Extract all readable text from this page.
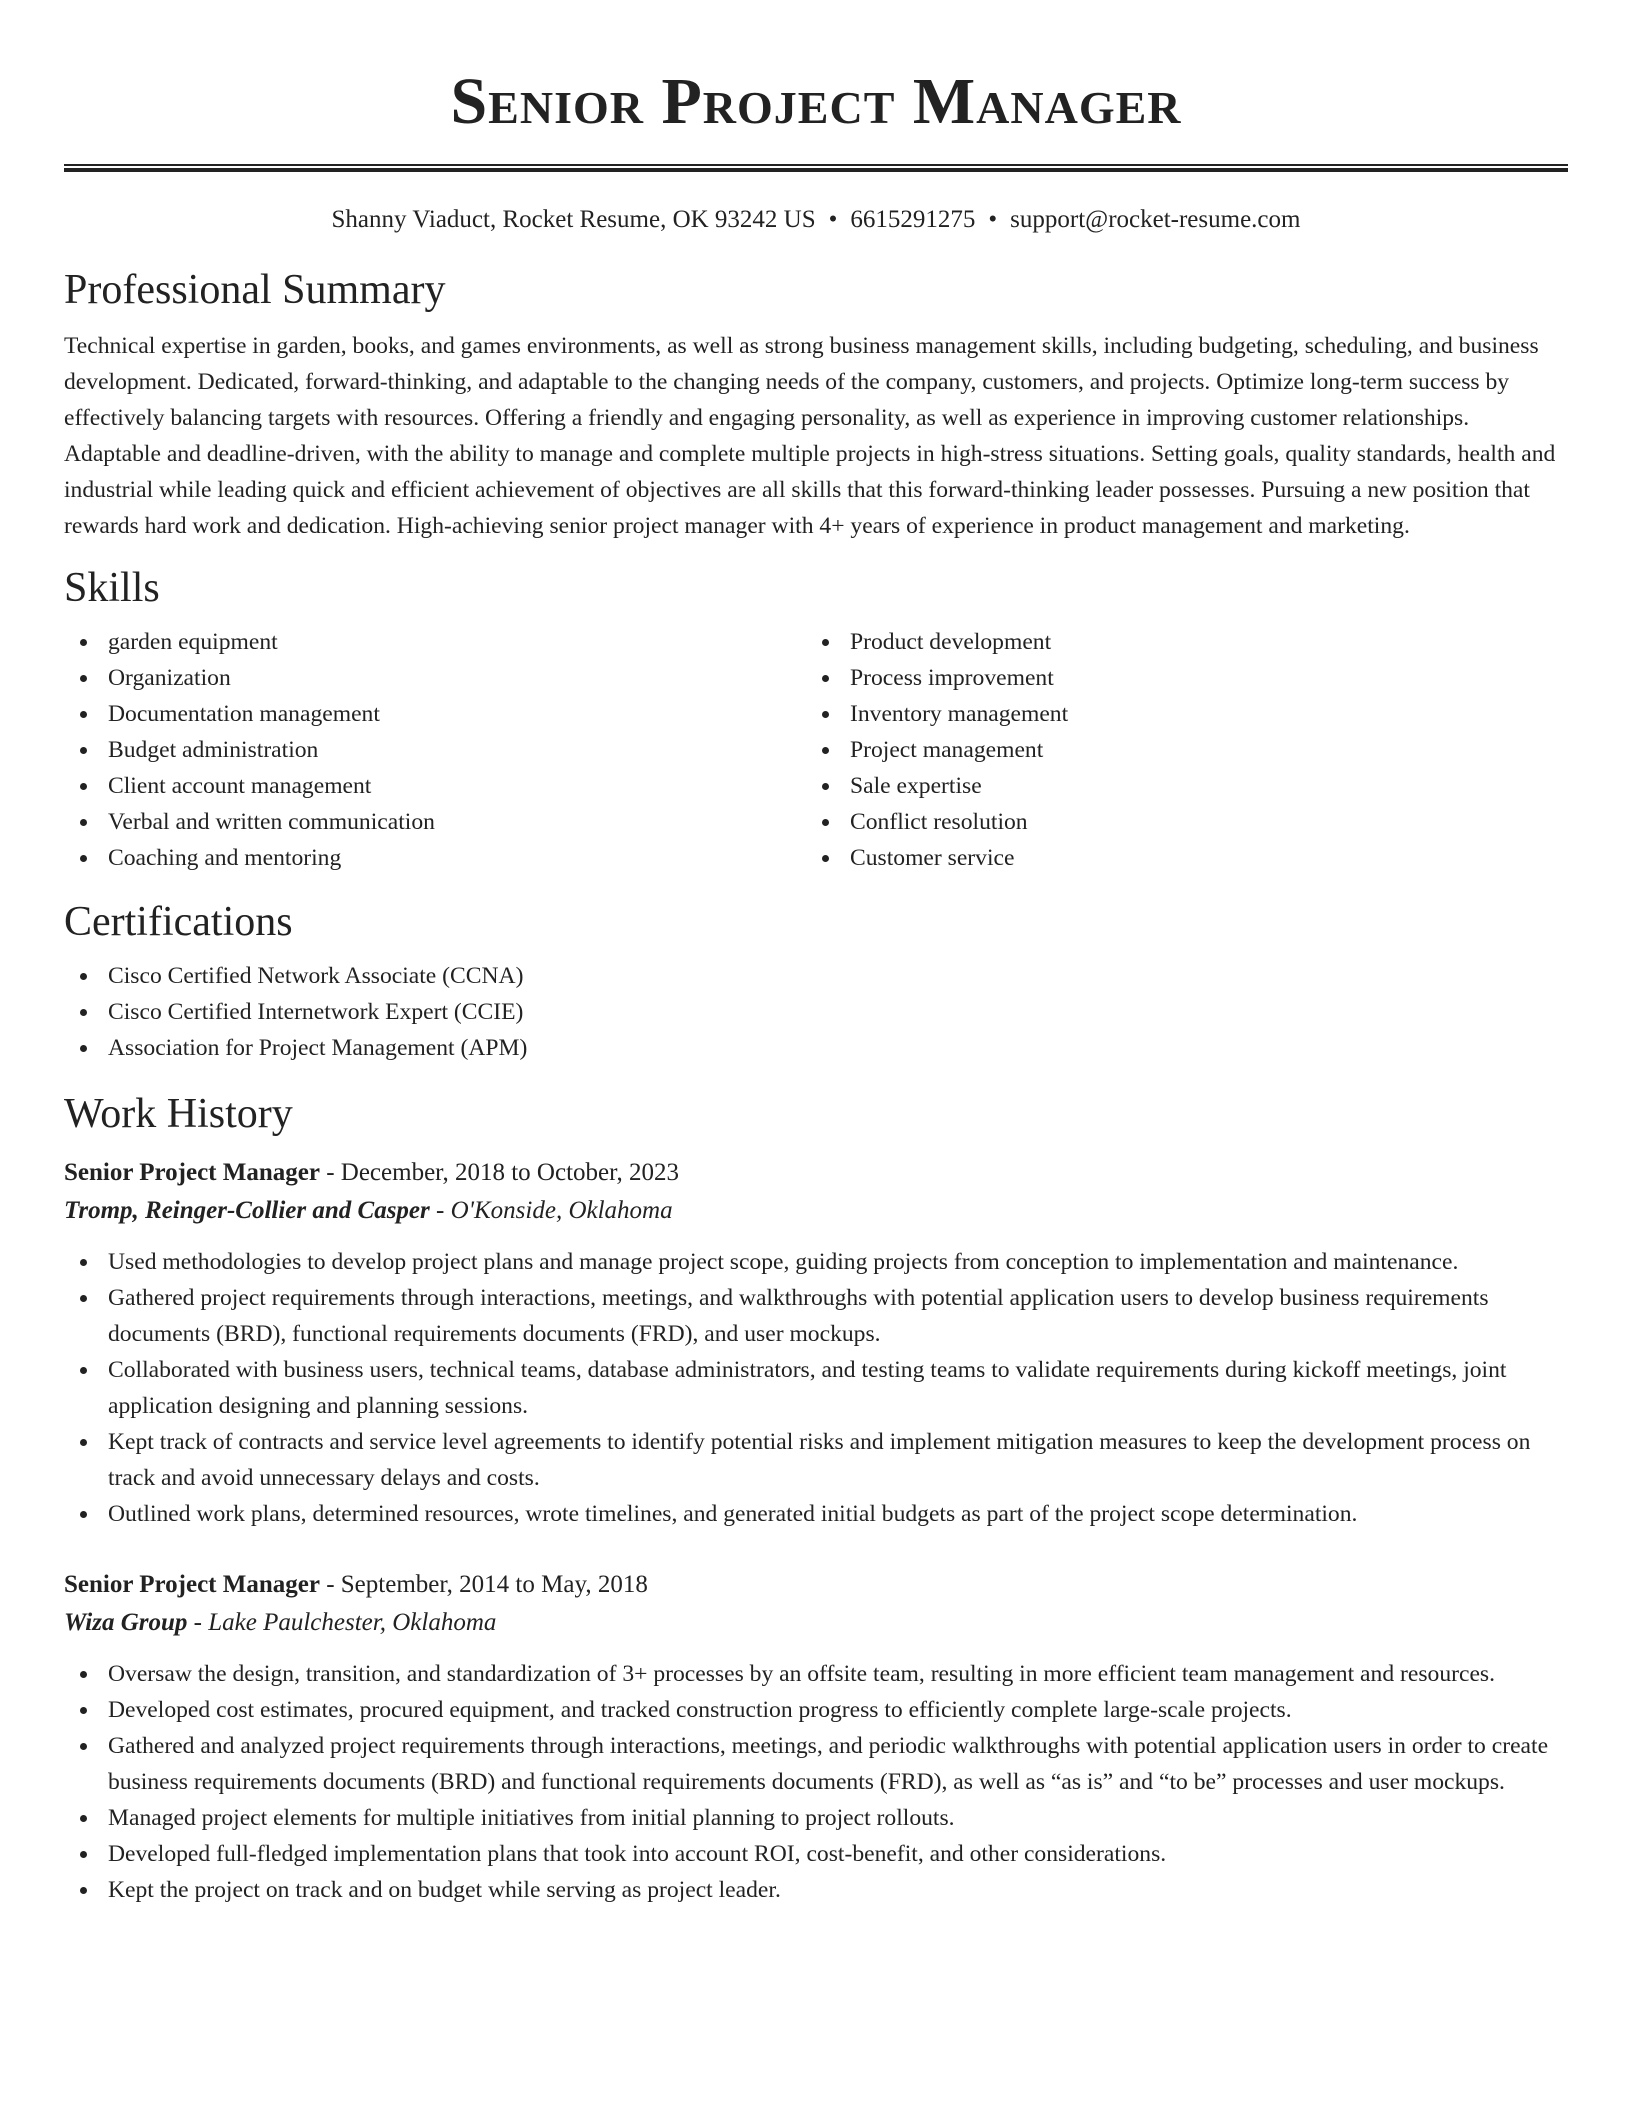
Senior Project Manager
Shanny Viaduct, Rocket Resume, OK 93242 US • 6615291275 • support@rocket-resume.com
Professional Summary

Technical expertise in garden, books, and games environments, as well as strong business management skills, including budgeting, scheduling, and business development. Dedicated, forward-thinking, and adaptable to the changing needs of the company, customers, and projects. Optimize long-term success by effectively balancing targets with resources. Offering a friendly and engaging personality, as well as experience in improving customer relationships. Adaptable and deadline-driven, with the ability to manage and complete multiple projects in high-stress situations. Setting goals, quality standards, health and industrial while leading quick and efficient achievement of objectives are all skills that this forward-thinking leader possesses. Pursuing a new position that rewards hard work and dedication. High-achieving senior project manager with 4+ years of experience in product management and marketing.

Skills
garden equipment
Organization
Documentation management
Budget administration
Client account management
Verbal and written communication
Coaching and mentoring
Product development
Process improvement
Inventory management
Project management
Sale expertise
Conflict resolution
Customer service
Certifications
Cisco Certified Network Associate (CCNA)
Cisco Certified Internetwork Expert (CCIE)
Association for Project Management (APM)
Work History
Senior Project Manager - December, 2018 to October, 2023
Tromp, Reinger-Collier and Casper - O'Konside, Oklahoma
Used methodologies to develop project plans and manage project scope, guiding projects from conception to implementation and maintenance.
Gathered project requirements through interactions, meetings, and walkthroughs with potential application users to develop business requirements documents (BRD), functional requirements documents (FRD), and user mockups.
Collaborated with business users, technical teams, database administrators, and testing teams to validate requirements during kickoff meetings, joint application designing and planning sessions.
Kept track of contracts and service level agreements to identify potential risks and implement mitigation measures to keep the development process on track and avoid unnecessary delays and costs.
Outlined work plans, determined resources, wrote timelines, and generated initial budgets as part of the project scope determination.
Senior Project Manager - September, 2014 to May, 2018
Wiza Group - Lake Paulchester, Oklahoma
Oversaw the design, transition, and standardization of 3+ processes by an offsite team, resulting in more efficient team management and resources.
Developed cost estimates, procured equipment, and tracked construction progress to efficiently complete large-scale projects.
Gathered and analyzed project requirements through interactions, meetings, and periodic walkthroughs with potential application users in order to create business requirements documents (BRD) and functional requirements documents (FRD), as well as “as is” and “to be” processes and user mockups.
Managed project elements for multiple initiatives from initial planning to project rollouts.
Developed full-fledged implementation plans that took into account ROI, cost-benefit, and other considerations.
Kept the project on track and on budget while serving as project leader.
